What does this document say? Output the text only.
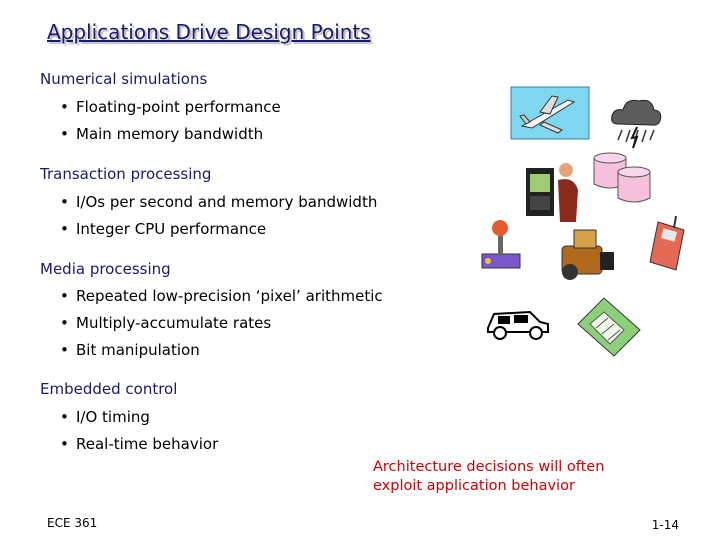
Applications Drive Design Points
Numerical simulations
• Floating-point performance
• Main memory bandwidth
Transaction processing
• I/Os per second and memory bandwidth
• Integer CPU performance
Media processing
• Repeated low-precision ‘pixel’ arithmetic
• Multiply-accumulate rates
• Bit manipulation
Embedded control
• I/O timing
• Real-time behavior
Architecture decisions will often
exploit application behavior
ECE 361	1-14
